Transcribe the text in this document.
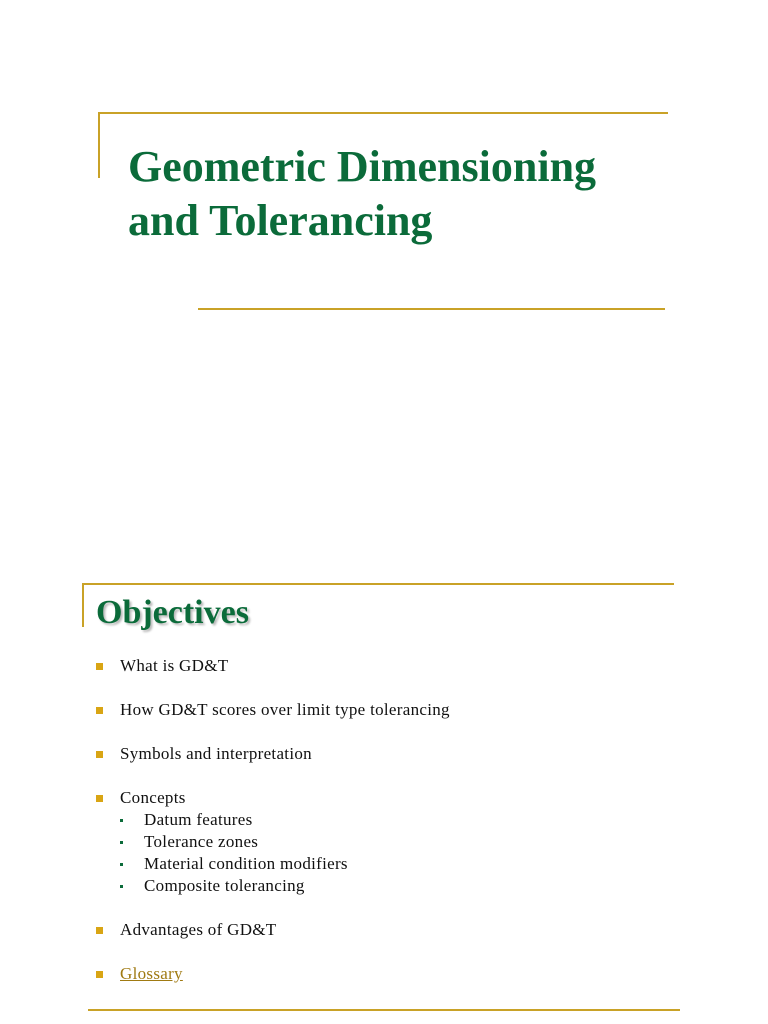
Geometric Dimensioning
and Tolerancing
Objectives
What is GD&T
How GD&T scores over limit type tolerancing
Symbols and interpretation
Concepts
Datum features
Tolerance zones
Material condition modifiers
Composite tolerancing
Advantages of GD&T
Glossary
